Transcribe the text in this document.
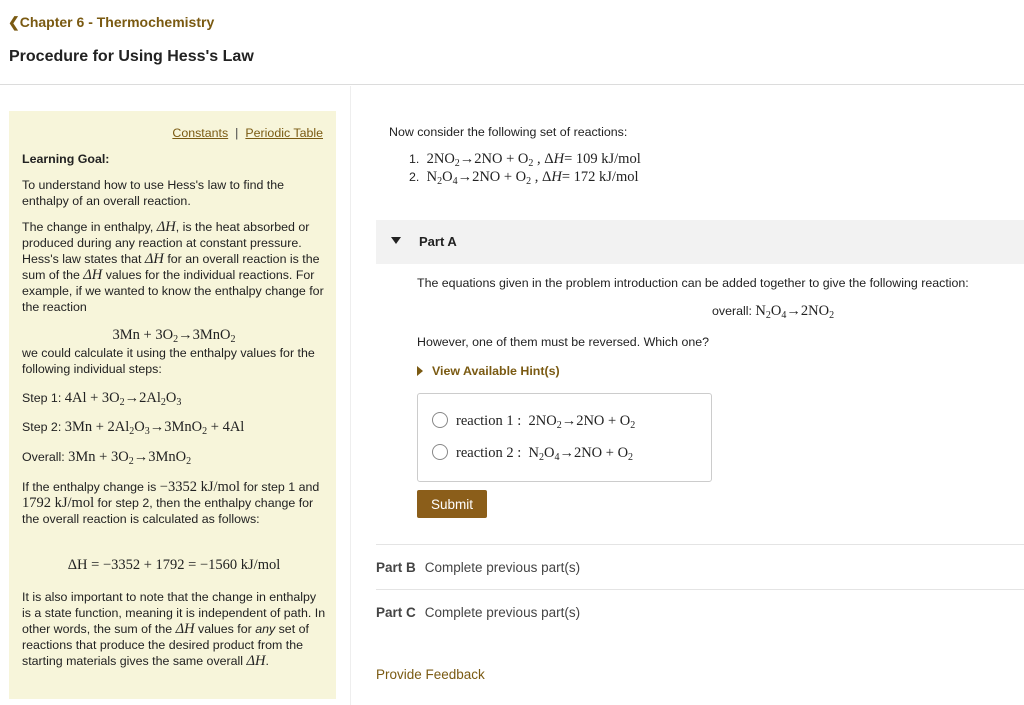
❮Chapter 6 - Thermochemistry
Procedure for Using Hess's Law
Constants | Periodic Table

Learning Goal:

To understand how to use Hess's law to find the enthalpy of an overall reaction.

The change in enthalpy, ΔH, is the heat absorbed or produced during any reaction at constant pressure. Hess's law states that ΔH for an overall reaction is the sum of the ΔH values for the individual reactions. For example, if we wanted to know the enthalpy change for the reaction

$3Mn + 3O_2\to 3MnO_2$

we could calculate it using the enthalpy values for the following individual steps:

Step 1: $4Al + 3O_2\to 2Al_2O_3$

Step 2: $3Mn + 2Al_2O_3\to 3MnO_2 + 4Al$

Overall: $3Mn + 3O_2\to 3MnO_2$

If the enthalpy change is −3352 kJ/mol for step 1 and 1792 kJ/mol for step 2, then the enthalpy change for the overall reaction is calculated as follows:

ΔH = −3352 + 1792 = −1560 kJ/mol

It is also important to note that the change in enthalpy is a state function, meaning it is independent of path. In other words, the sum of the ΔH values for any set of reactions that produce the desired product from the starting materials gives the same overall ΔH.

Now consider the following set of reactions:
1.  $2NO_2\to 2NO + O_2$ , ΔH= 109 kJ/mol
2.  $N_2O_4\to 2NO + O_2$ , ΔH= 172 kJ/mol
Part A
The equations given in the problem introduction can be added together to give the following reaction:
overall: $N_2O_4\to 2NO_2$
However, one of them must be reversed. Which one?
View Available Hint(s)
reaction 1 :  $2NO_2\to 2NO + O_2$
reaction 2 :  $N_2O_4\to 2NO + O_2$
Submit
Part B Complete previous part(s)
Part C Complete previous part(s)
Provide Feedback
